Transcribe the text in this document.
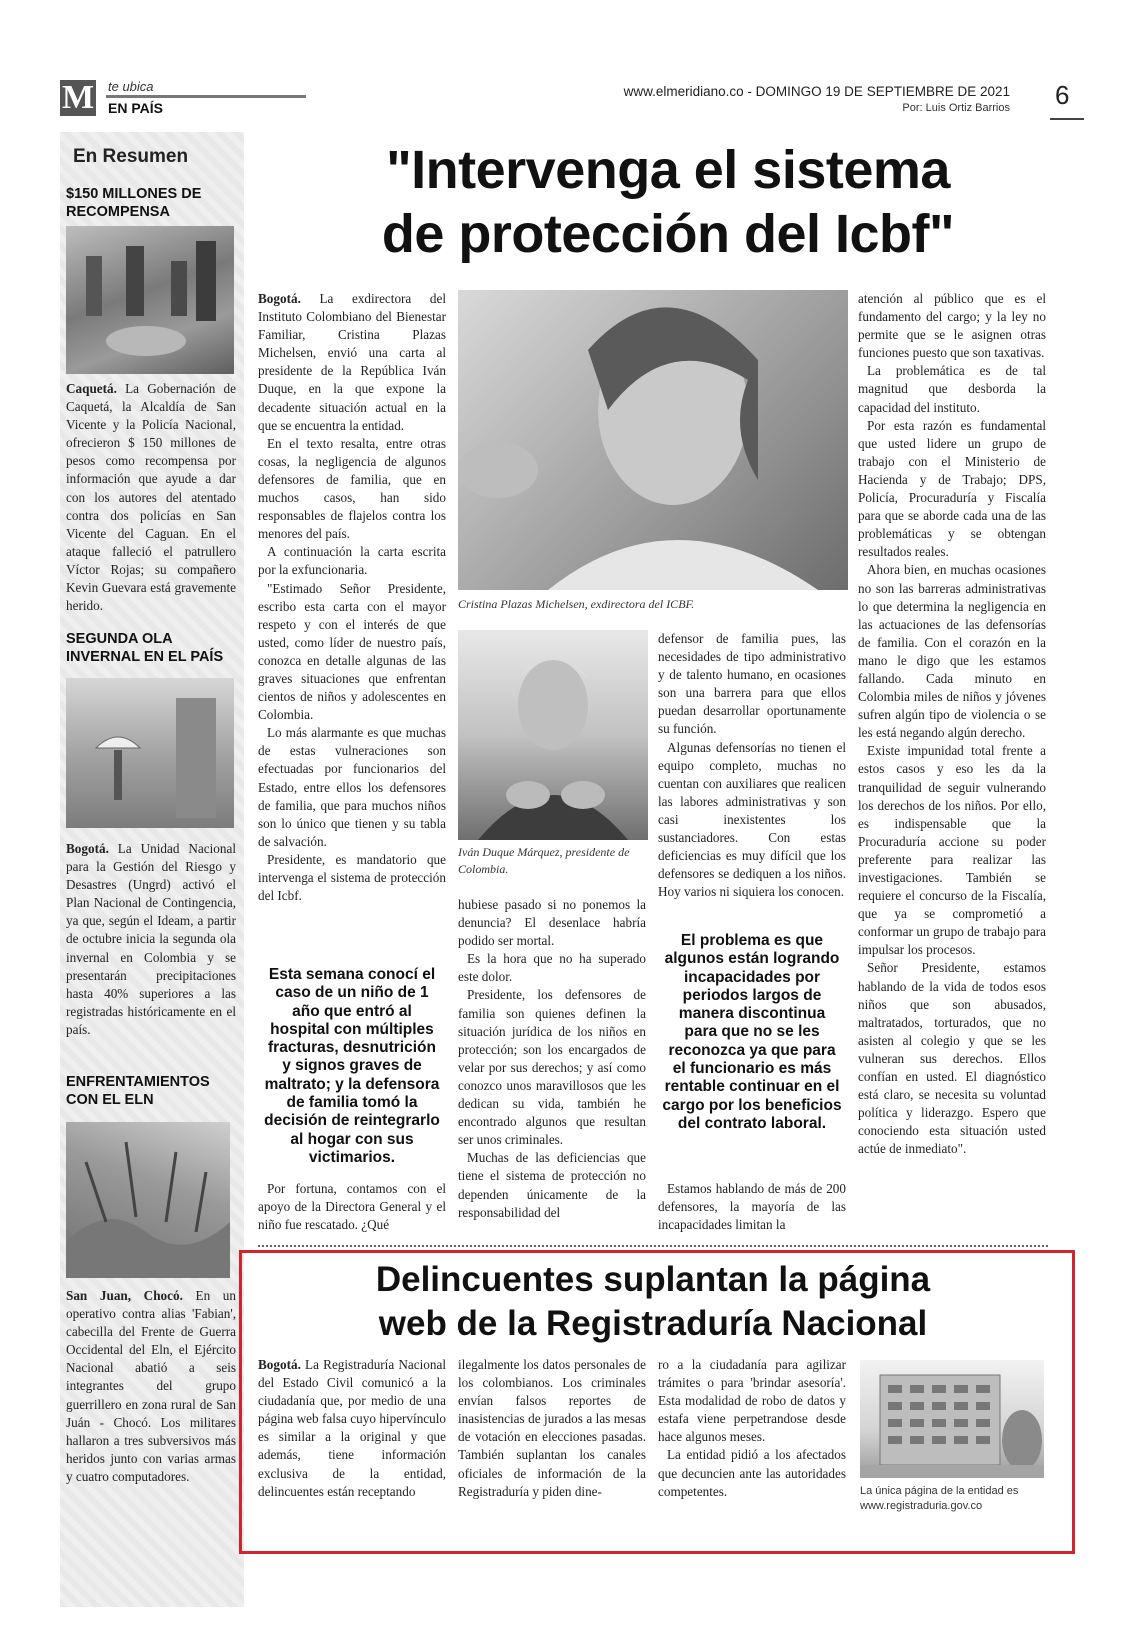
M te ubica
EN PAÍS
www.elmeridiano.co - DOMINGO 19 DE SEPTIEMBRE DE 2021
Por: Luis Ortiz Barrios 6
En Resumen
$150 MILLONES DE RECOMPENSA
Caquetá. La Gobernación de Caquetá, la Alcaldía de San Vicente y la Policía Nacional, ofrecieron $ 150 millones de pesos como recompensa por información que ayude a dar con los autores del atentado contra dos policías en San Vicente del Caguan. En el ataque falleció el patrullero Víctor Rojas; su compañero Kevin Guevara está gravemente herido.
SEGUNDA OLA INVERNAL EN EL PAÍS
Bogotá. La Unidad Nacional para la Gestión del Riesgo y Desastres (Ungrd) activó el Plan Nacional de Contingencia, ya que, según el Ideam, a partir de octubre inicia la segunda ola invernal en Colombia y se presentarán precipitaciones hasta 40% superiores a las registradas históricamente en el país.
ENFRENTAMIENTOS CON EL ELN
San Juan, Chocó. En un operativo contra alias 'Fabian', cabecilla del Frente de Guerra Occidental del Eln, el Ejército Nacional abatió a seis integrantes del grupo guerrillero en zona rural de San Juán - Chocó. Los militares hallaron a tres subversivos más heridos junto con varias armas y cuatro computadores.
"Intervenga el sistema
de protección del Icbf"

Bogotá. La exdirectora del Instituto Colombiano del Bienestar Familiar, Cristina Plazas Michelsen, envió una carta al presidente de la República Iván Duque, en la que expone la decadente situación actual en la que se encuentra la entidad.

En el texto resalta, entre otras cosas, la negligencia de algunos defensores de familia, que en muchos casos, han sido responsables de flajelos contra los menores del país.

A continuación la carta escrita por la exfuncionaria.

"Estimado Señor Presidente, escribo esta carta con el mayor respeto y con el interés de que usted, como líder de nuestro país, conozca en detalle algunas de las graves situaciones que enfrentan cientos de niños y adolescentes en Colombia.

Lo más alarmante es que muchas de estas vulneraciones son efectuadas por funcionarios del Estado, entre ellos los defensores de familia, que para muchos niños son lo único que tienen y su tabla de salvación.

Presidente, es mandatorio que intervenga el sistema de protección del Icbf.

Esta semana conocí el caso de un niño de 1 año que entró al hospital con múltiples fracturas, desnutrición y signos graves de maltrato; y la defensora de familia tomó la decisión de reintegrarlo al hogar con sus victimarios.

Por fortuna, contamos con el apoyo de la Directora General y el niño fue rescatado. ¿Qué

Cristina Plazas Michelsen, exdirectora del ICBF.
Iván Duque Márquez, presidente de Colombia.

hubiese pasado si no ponemos la denuncia? El desenlace habría podido ser mortal.

Es la hora que no ha superado este dolor.

Presidente, los defensores de familia son quienes definen la situación jurídica de los niños en protección; son los encargados de velar por sus derechos; y así como conozco unos maravillosos que les dedican su vida, también he encontrado algunos que resultan ser unos criminales.

Muchas de las deficiencias que tiene el sistema de protección no dependen únicamente de la responsabilidad del

defensor de familia pues, las necesidades de tipo administrativo y de talento humano, en ocasiones son una barrera para que ellos puedan desarrollar oportunamente su función.

Algunas defensorías no tienen el equipo completo, muchas no cuentan con auxiliares que realicen las labores administrativas y son casi inexistentes los sustanciadores. Con estas deficiencias es muy difícil que los defensores se dediquen a los niños. Hoy varios ni siquiera los conocen.

El problema es que algunos están logrando incapacidades por periodos largos de manera discontinua para que no se les reconozca ya que para el funcionario es más rentable continuar en el cargo por los beneficios del contrato laboral.

Estamos hablando de más de 200 defensores, la mayoría de las incapacidades limitan la

atención al público que es el fundamento del cargo; y la ley no permite que se le asignen otras funciones puesto que son taxativas.

La problemática es de tal magnitud que desborda la capacidad del instituto.

Por esta razón es fundamental que usted lidere un grupo de trabajo con el Ministerio de Hacienda y de Trabajo; DPS, Policía, Procuraduría y Fiscalía para que se aborde cada una de las problemáticas y se obtengan resultados reales.

Ahora bien, en muchas ocasiones no son las barreras administrativas lo que determina la negligencia en las actuaciones de las defensorías de familia. Con el corazón en la mano le digo que les estamos fallando. Cada minuto en Colombia miles de niños y jóvenes sufren algún tipo de violencia o se les está negando algún derecho.

Existe impunidad total frente a estos casos y eso les da la tranquilidad de seguir vulnerando los derechos de los niños. Por ello, es indispensable que la Procuraduría accione su poder preferente para realizar las investigaciones. También se requiere el concurso de la Fiscalía, que ya se comprometió a conformar un grupo de trabajo para impulsar los procesos.

Señor Presidente, estamos hablando de la vida de todos esos niños que son abusados, maltratados, torturados, que no asisten al colegio y que se les vulneran sus derechos. Ellos confían en usted. El diagnóstico está claro, se necesita su voluntad política y liderazgo. Espero que conociendo esta situación usted actúe de inmediato".

Delincuentes suplantan la página
web de la Registraduría Nacional

Bogotá. La Registraduría Nacional del Estado Civil comunicó a la ciudadanía que, por medio de una página web falsa cuyo hipervínculo es similar a la original y que además, tiene información exclusiva de la entidad, delincuentes están receptando

ilegalmente los datos personales de los colombianos. Los criminales envían falsos reportes de inasistencias de jurados a las mesas de votación en elecciones pasadas. También suplantan los canales oficiales de información de la Registraduría y piden dine-

ro a la ciudadanía para agilizar trámites o para 'brindar asesoría'. Esta modalidad de robo de datos y estafa viene perpetrandose desde hace algunos meses.

La entidad pidió a los afectados que decuncien ante las autoridades competentes.	La única página de la entidad es
www.registraduria.gov.co
